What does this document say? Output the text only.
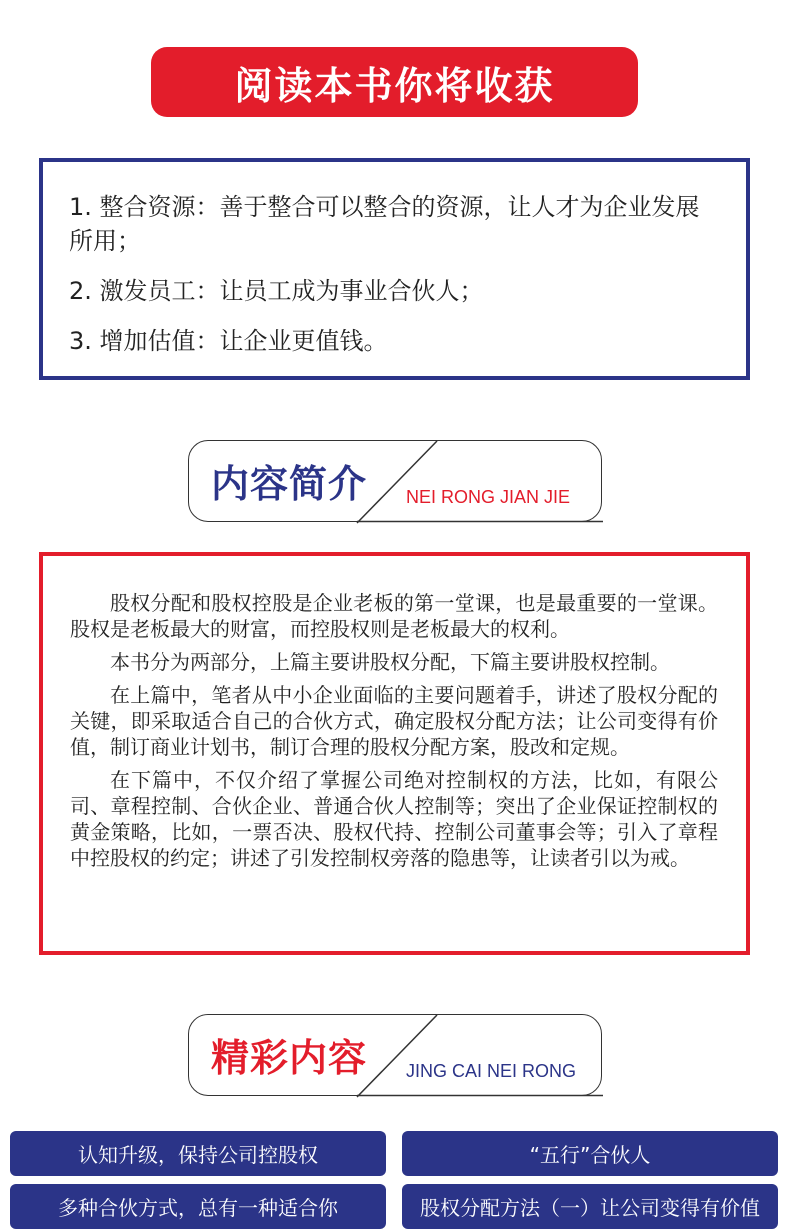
阅读本书你将收获

1. 整合资源：善于整合可以整合的资源，让人才为企业发展所用；

2. 激发员工：让员工成为事业合伙人；

3. 增加估值：让企业更值钱。

内容简介 NEI RONG JIAN JIE

股权分配和股权控股是企业老板的第一堂课，也是最重要的一堂课。股权是老板最大的财富，而控股权则是老板最大的权利。

本书分为两部分，上篇主要讲股权分配，下篇主要讲股权控制。

在上篇中，笔者从中小企业面临的主要问题着手，讲述了股权分配的关键，即采取适合自己的合伙方式，确定股权分配方法；让公司变得有价值，制订商业计划书，制订合理的股权分配方案，股改和定规。

在下篇中，不仅介绍了掌握公司绝对控制权的方法，比如，有限公司、章程控制、合伙企业、普通合伙人控制等；突出了企业保证控制权的黄金策略，比如，一票否决、股权代持、控制公司董事会等；引入了章程中控股权的约定；讲述了引发控制权旁落的隐患等，让读者引以为戒。

精彩内容 JING CAI NEI RONG
认知升级，保持公司控股权	“五行”合伙人
多种合伙方式，总有一种适合你	股权分配方法（一）让公司变得有价值
